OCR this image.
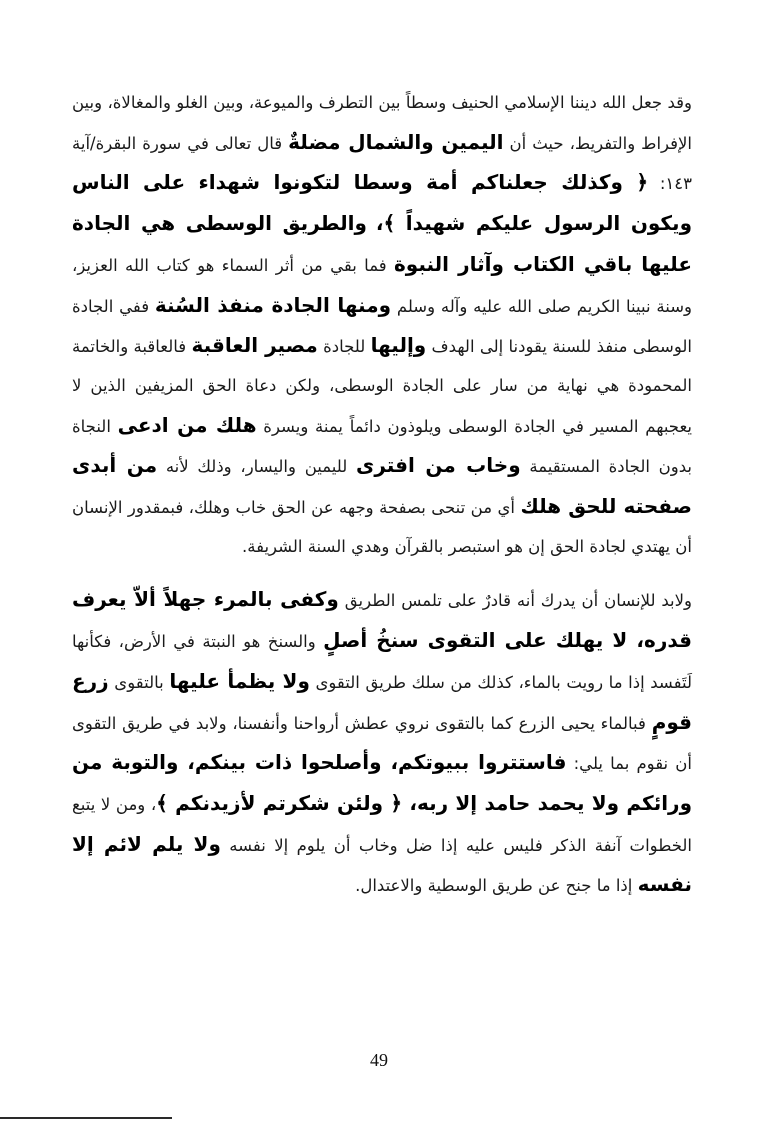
وقد جعل الله ديننا الإسلامي الحنيف وسطاً بين التطرف والميوعة، وبين الغلو والمغالاة، وبين الإفراط والتفريط، حيث أن اليمين والشمال مضلةٌ قال تعالى في سورة البقرة/آية ١٤٣: ﴿ وكذلك جعلناكم أمة وسطا لتكونوا شهداء على الناس ويكون الرسول عليكم شهيداً ﴾، والطريق الوسطى هي الجادة عليها باقي الكتاب وآثار النبوة فما بقي من أثر السماء هو كتاب الله العزيز، وسنة نبينا الكريم صلى الله عليه وآله وسلم ومنها الجادة منفذ السُنة ففي الجادة الوسطى منفذ للسنة يقودنا إلى الهدف وإليها للجادة مصير العاقبة فالعاقبة والخاتمة المحمودة هي نهاية من سار على الجادة الوسطى، ولكن دعاة الحق المزيفين الذين لا يعجبهم المسير في الجادة الوسطى ويلوذون دائماً يمنة ويسرة هلك من ادعى النجاة بدون الجادة المستقيمة وخاب من افترى لليمين واليسار، وذلك لأنه من أبدى صفحته للحق هلك أي من تنحى بصفحة وجهه عن الحق خاب وهلك، فبمقدور الإنسان أن يهتدي لجادة الحق إن هو استبصر بالقرآن وهدي السنة الشريفة.

ولابد للإنسان أن يدرك أنه قادرٌ على تلمس الطريق وكفى بالمرء جهلاً ألاّ يعرف قدره، لا يهلك على التقوى سنخُ أصلٍ والسنخ هو النبتة في الأرض، فكأنها لَتَفسد إذا ما رويت بالماء، كذلك من سلك طريق التقوى ولا يظمأ عليها بالتقوى زرع قومٍ فبالماء يحيى الزرع كما بالتقوى نروي عطش أرواحنا وأنفسنا، ولابد في طريق التقوى أن نقوم بما يلي: فاستتروا ببيوتكم، وأصلحوا ذات بينكم، والتوبة من ورائكم ولا يحمد حامد إلا ربه، ﴿ ولئن شكرتم لأزيدنكم ﴾، ومن لا يتبع الخطوات آنفة الذكر فليس عليه إذا ضل وخاب أن يلوم إلا نفسه ولا يلم لائم إلا نفسه إذا ما جنح عن طريق الوسطية والاعتدال.

49
